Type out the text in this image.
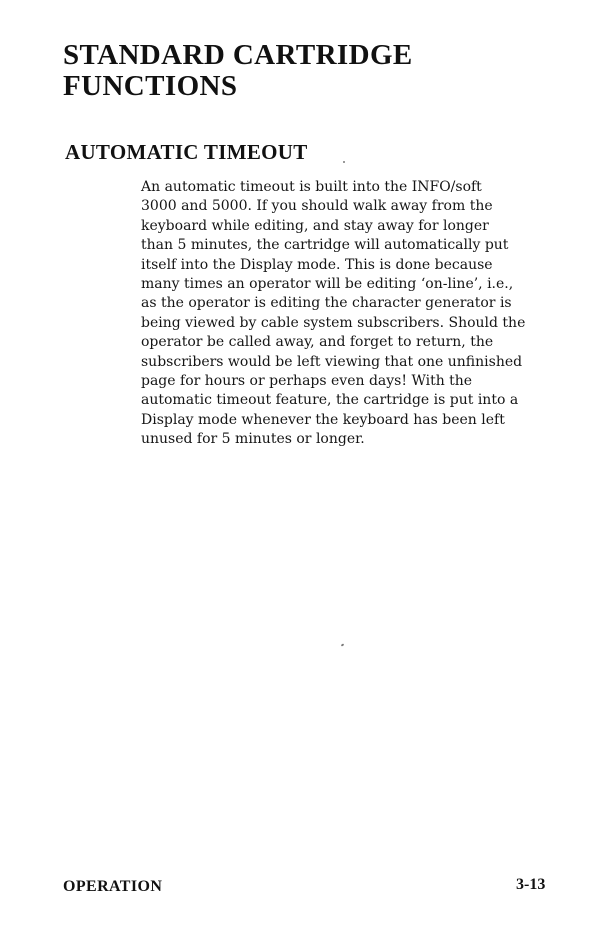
STANDARD CARTRIDGE
FUNCTIONS
AUTOMATIC TIMEOUT

An automatic timeout is built into the INFO/soft
3000 and 5000. If you should walk away from the
keyboard while editing, and stay away for longer
than 5 minutes, the cartridge will automatically put
itself into the Display mode. This is done because
many times an operator will be editing ‘on-line’, i.e.,
as the operator is editing the character generator is
being viewed by cable system subscribers. Should the
operator be called away, and forget to return, the
subscribers would be left viewing that one unfinished
page for hours or perhaps even days! With the
automatic timeout feature, the cartridge is put into a
Display mode whenever the keyboard has been left
unused for 5 minutes or longer.

OPERATION	3-13
